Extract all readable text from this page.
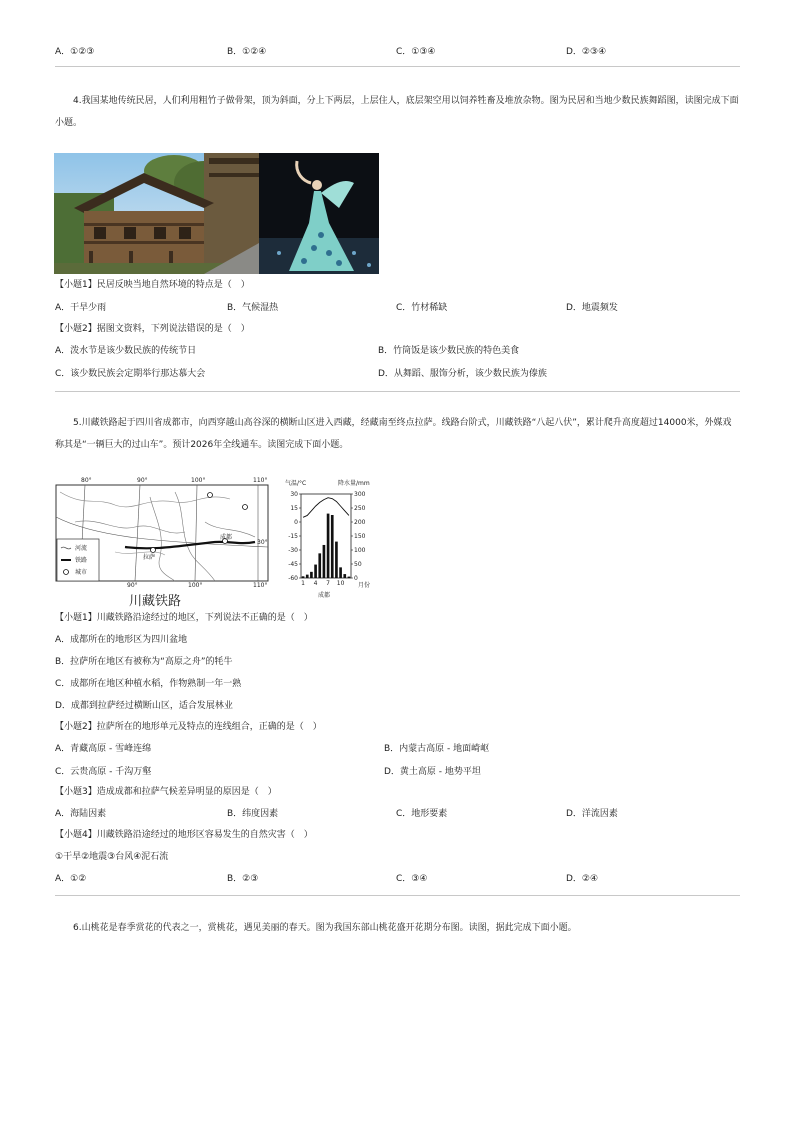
A．①②③	B．①②④	C．①③④	D．②③④
4.我国某地传统民居，人们利用粗竹子做骨架，顶为斜面，分上下两层，上层住人，底层架空用以饲养牲畜及堆放杂物。图为民居和当地少数民族舞蹈图，读图完成下面小题。
【小题1】民居反映当地自然环境的特点是（　）
A．干旱少雨	B．气候湿热	C．竹材稀缺	D．地震频发
【小题2】据图文资料，下列说法错误的是（　）
A．泼水节是该少数民族的传统节日	B．竹筒饭是该少数民族的特色美食
C．该少数民族会定期举行那达慕大会	D．从舞蹈、服饰分析，该少数民族为傣族
5.川藏铁路起于四川省成都市，向西穿越山高谷深的横断山区进入西藏，经藏南至终点拉萨。线路台阶式，川藏铁路“八起八伏”，累计爬升高度超过14000米，外媒戏称其是“一辆巨大的过山车”。预计2026年全线通车。读图完成下面小题。
80°	90°	100°	110°
90°	100°	110°
30°
河流
铁路
城市
拉萨
成都
川藏铁路
气温/°C	降水量/mm
30
15
0
-15
-30
-45
-60
300
250
200
150
100
50
0
1 4 7 10 月份
成都
【小题1】川藏铁路沿途经过的地区，下列说法不正确的是（　）
A．成都所在的地形区为四川盆地
B．拉萨所在地区有被称为“高原之舟”的牦牛
C．成都所在地区种植水稻，作物熟制一年一熟
D．成都到拉萨经过横断山区，适合发展林业
【小题2】拉萨所在的地形单元及特点的连线组合，正确的是（　）
A．青藏高原 - 雪峰连绵	B．内蒙古高原 - 地面崎岖
C．云贵高原 - 千沟万壑	D．黄土高原 - 地势平坦
【小题3】造成成都和拉萨气候差异明显的原因是（　）
A．海陆因素	B．纬度因素	C．地形要素	D．洋流因素
【小题4】川藏铁路沿途经过的地形区容易发生的自然灾害（　）
①干旱②地震③台风④泥石流
A．①②	B．②③	C．③④	D．②④
6.山桃花是春季赏花的代表之一，赏桃花，遇见美丽的春天。图为我国东部山桃花盛开花期分布图。读图，据此完成下面小题。
